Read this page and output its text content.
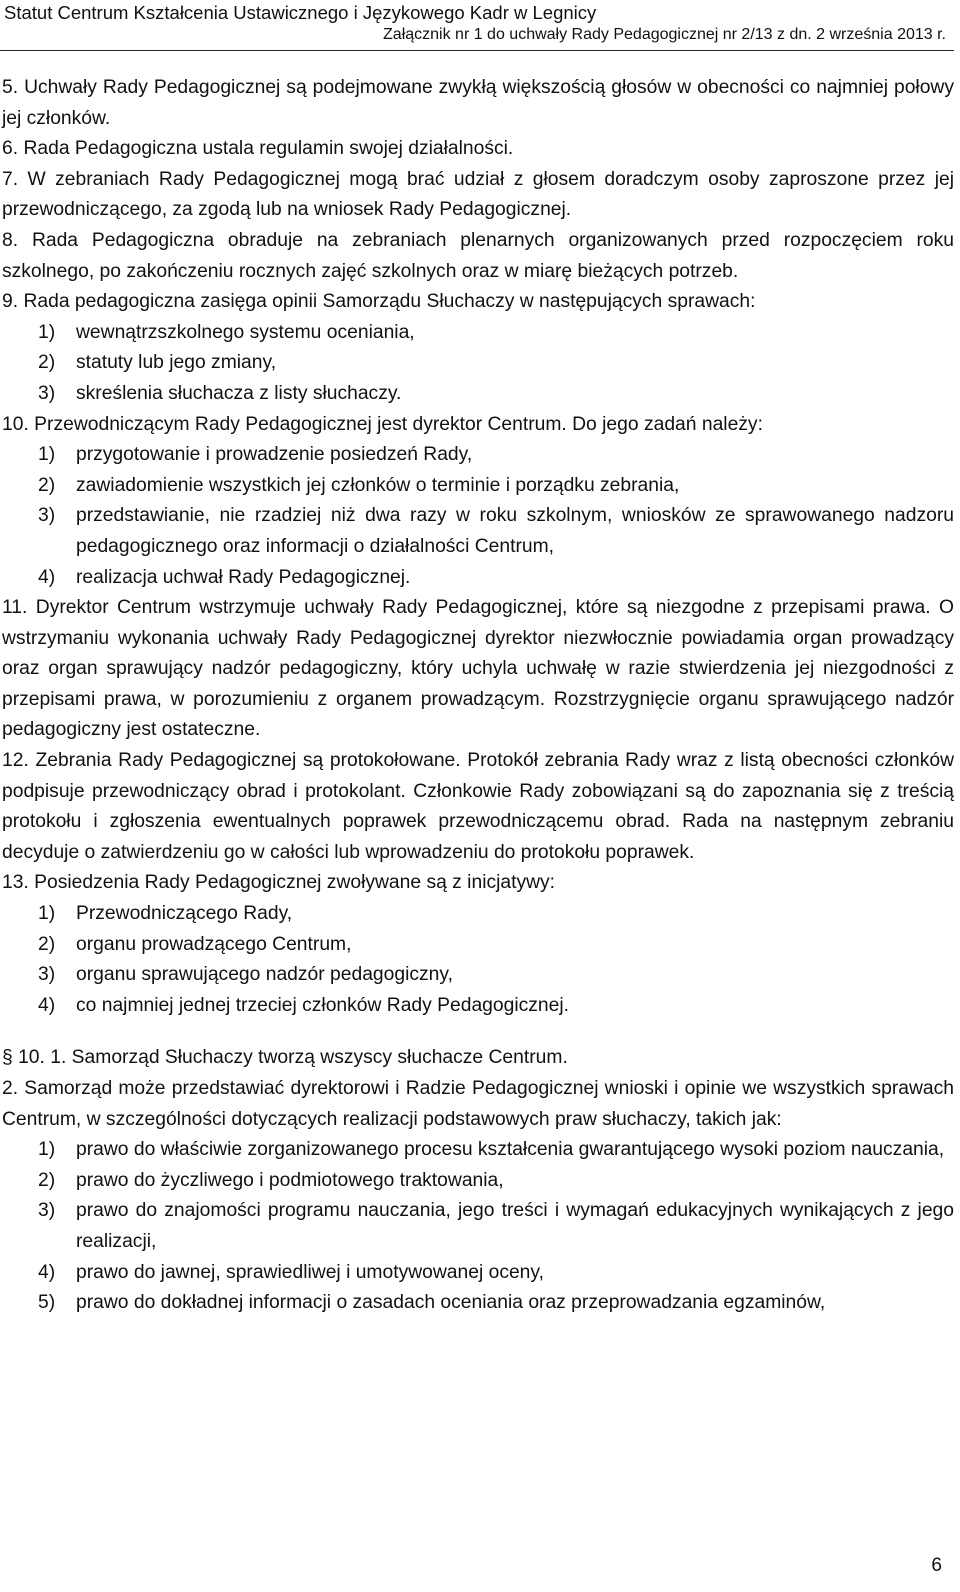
Statut Centrum Kształcenia Ustawicznego i Językowego Kadr w Legnicy
Załącznik nr 1 do uchwały Rady Pedagogicznej nr 2/13 z dn. 2 września 2013 r.

5. Uchwały Rady Pedagogicznej są podejmowane zwykłą większością głosów w obecności co najmniej połowy jej członków.

6. Rada Pedagogiczna ustala regulamin swojej działalności.

7. W zebraniach Rady Pedagogicznej mogą brać udział z głosem doradczym osoby zaproszone przez jej przewodniczącego, za zgodą lub na wniosek Rady Pedagogicznej.

8. Rada Pedagogiczna obraduje na zebraniach plenarnych organizowanych przed rozpoczęciem roku szkolnego, po zakończeniu rocznych zajęć szkolnych oraz w miarę bieżących potrzeb.

9. Rada pedagogiczna zasięga opinii Samorządu Słuchaczy w następujących sprawach:

1) wewnątrzszkolnego systemu oceniania,

2) statuty lub jego zmiany,

3) skreślenia słuchacza z listy słuchaczy.

10. Przewodniczącym Rady Pedagogicznej jest dyrektor Centrum. Do jego zadań należy:

1) przygotowanie i prowadzenie posiedzeń Rady,

2) zawiadomienie wszystkich jej członków o terminie i porządku zebrania,

3) przedstawianie, nie rzadziej niż dwa razy w roku szkolnym, wniosków ze sprawowanego nadzoru pedagogicznego oraz informacji o działalności Centrum,

4) realizacja uchwał Rady Pedagogicznej.

11. Dyrektor Centrum wstrzymuje uchwały Rady Pedagogicznej, które są niezgodne z przepisami prawa. O wstrzymaniu wykonania uchwały Rady Pedagogicznej dyrektor niezwłocznie powiadamia organ prowadzący oraz organ sprawujący nadzór pedagogiczny, który uchyla uchwałę w razie stwierdzenia jej niezgodności z przepisami prawa, w porozumieniu z organem prowadzącym. Rozstrzygnięcie organu sprawującego nadzór pedagogiczny jest ostateczne.

12. Zebrania Rady Pedagogicznej są protokołowane. Protokół zebrania Rady wraz z listą obecności członków podpisuje przewodniczący obrad i protokolant. Członkowie Rady zobowiązani są do zapoznania się z treścią protokołu i zgłoszenia ewentualnych poprawek przewodniczącemu obrad. Rada na następnym zebraniu decyduje o zatwierdzeniu go w całości lub wprowadzeniu do protokołu poprawek.

13. Posiedzenia Rady Pedagogicznej zwoływane są z inicjatywy:

1) Przewodniczącego Rady,

2) organu prowadzącego Centrum,

3) organu sprawującego nadzór pedagogiczny,

4) co najmniej jednej trzeciej członków Rady Pedagogicznej.

§ 10. 1. Samorząd Słuchaczy tworzą wszyscy słuchacze Centrum.

2. Samorząd może przedstawiać dyrektorowi i Radzie Pedagogicznej wnioski i opinie we wszystkich sprawach Centrum, w szczególności dotyczących realizacji podstawowych praw słuchaczy, takich jak:

1) prawo do właściwie zorganizowanego procesu kształcenia gwarantującego wysoki poziom nauczania,

2) prawo do życzliwego i podmiotowego traktowania,

3) prawo do znajomości programu nauczania, jego treści i wymagań edukacyjnych wynikających z jego realizacji,

4) prawo do jawnej, sprawiedliwej i umotywowanej oceny,

5) prawo do dokładnej informacji o zasadach oceniania oraz przeprowadzania egzaminów,

6
